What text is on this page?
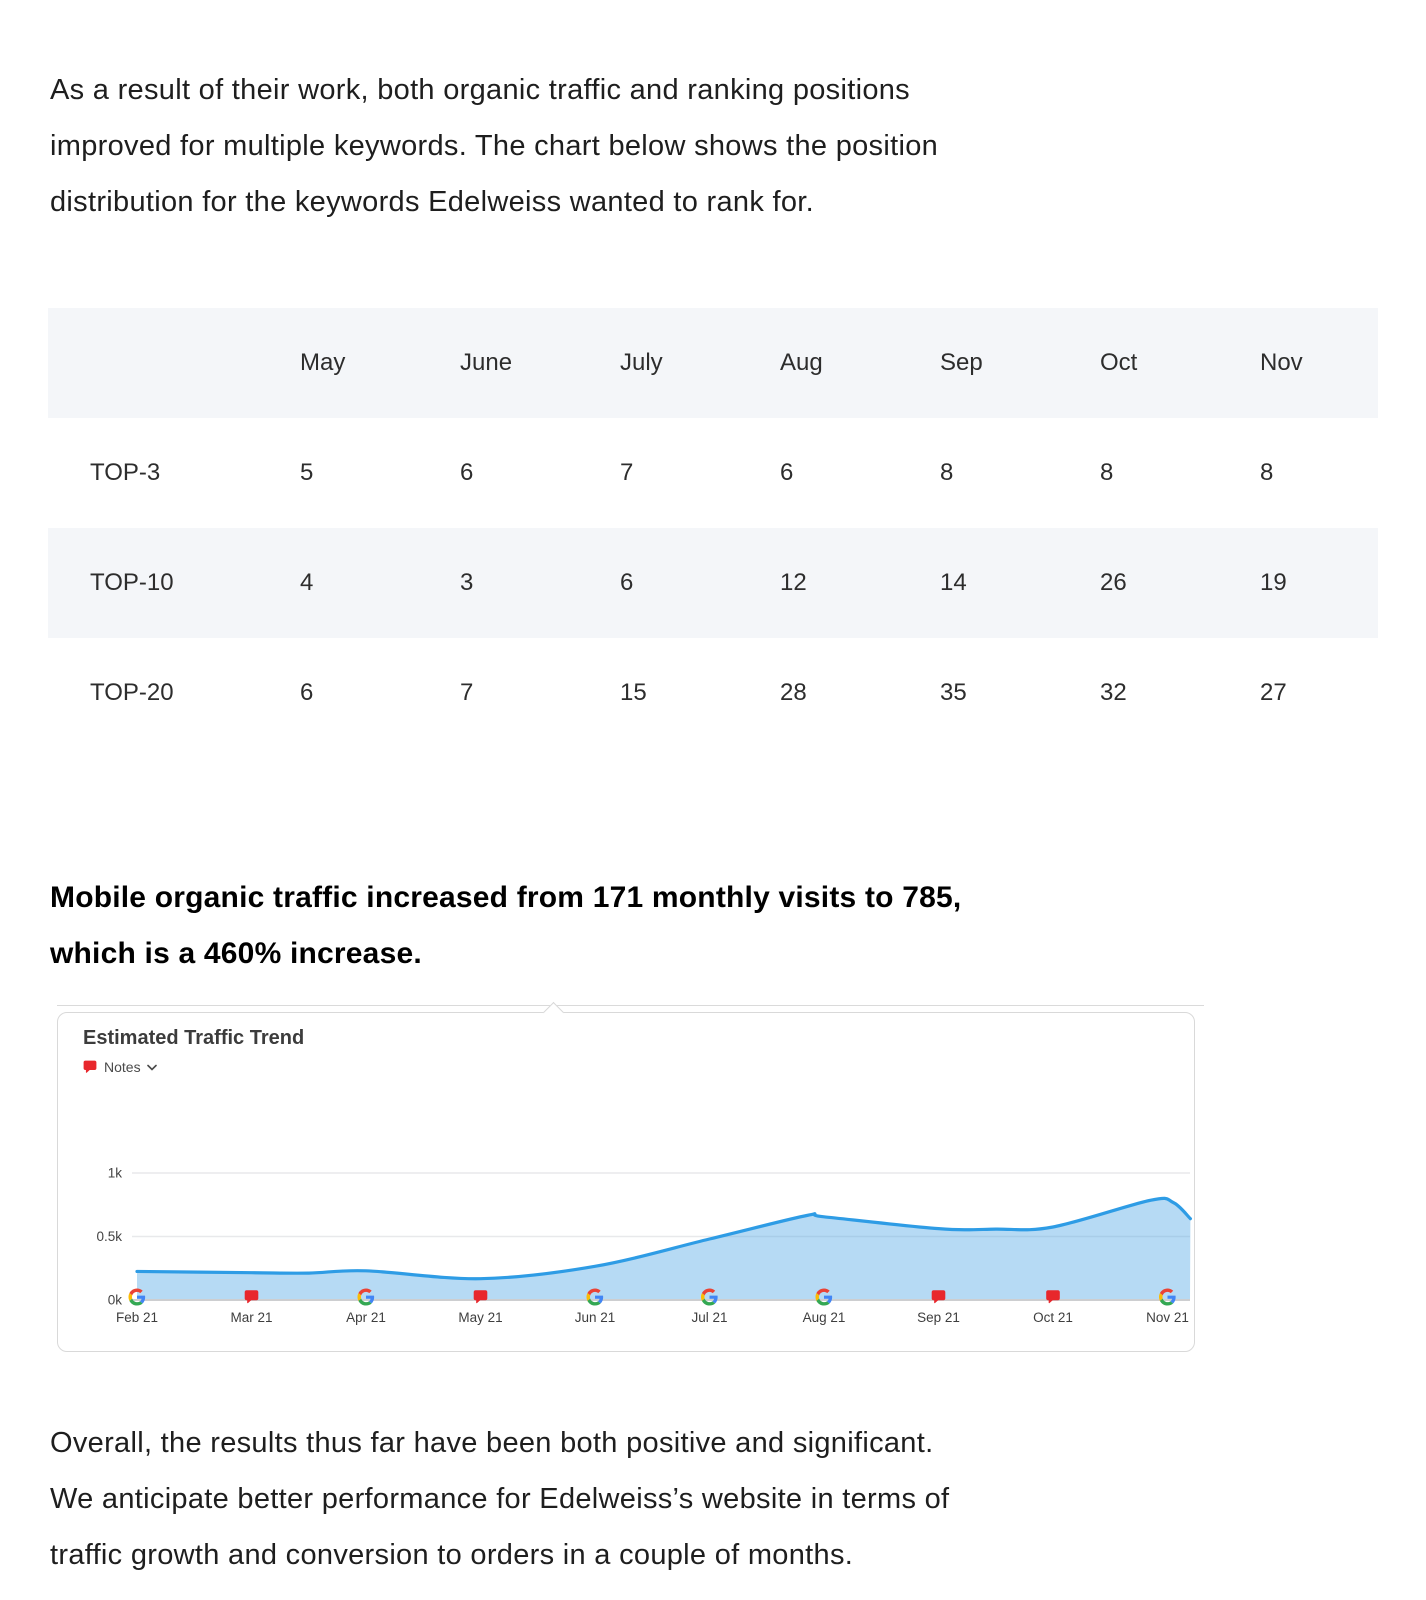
As a result of their work, both organic traffic and ranking positions
improved for multiple keywords. The chart below shows the position
distribution for the keywords Edelweiss wanted to rank for.

	May	June	July	Aug	Sep	Oct	Nov
TOP-3	5	6	7	6	8	8	8
TOP-10	4	3	6	12	14	26	19
TOP-20	6	7	15	28	35	32	27
Mobile organic traffic increased from 171 monthly visits to 785,
which is a 460% increase.
Estimated Traffic Trend
Notes
0k
0.5k
1k
Feb 21	Mar 21	Apr 21	May 21	Jun 21	Jul 21	Aug 21	Sep 21	Oct 21	Nov 21

Overall, the results thus far have been both positive and significant.
We anticipate better performance for Edelweiss’s website in terms of
traffic growth and conversion to orders in a couple of months.
